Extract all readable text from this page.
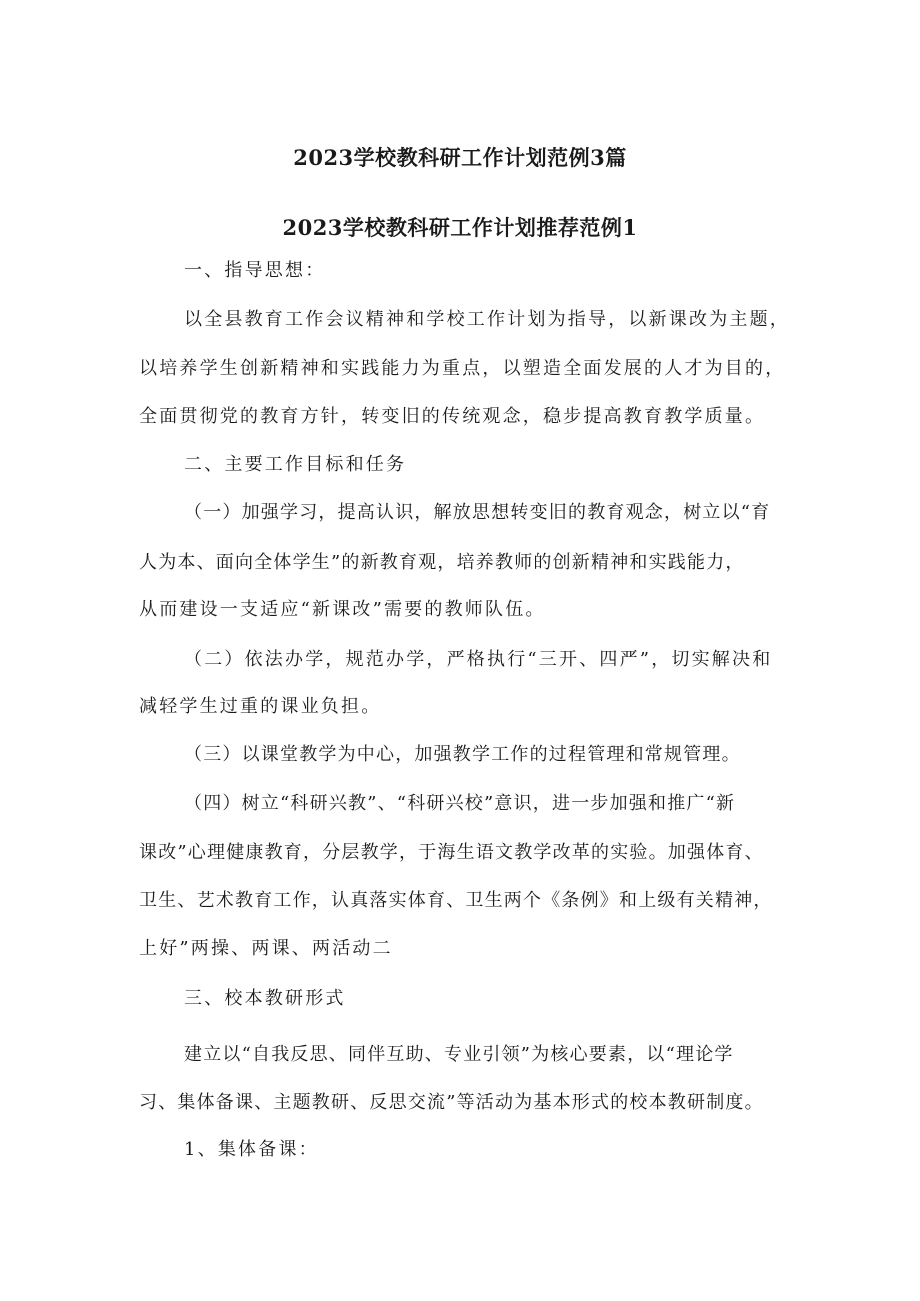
2023学校教科研工作计划范例3篇
2023学校教科研工作计划推荐范例1
一、指导思想：
以全县教育工作会议精神和学校工作计划为指导，以新课改为主题，
以培养学生创新精神和实践能力为重点，以塑造全面发展的人才为目的，
全面贯彻党的教育方针，转变旧的传统观念，稳步提高教育教学质量。
二、主要工作目标和任务
（一）加强学习，提高认识，解放思想转变旧的教育观念，树立以“育
人为本、面向全体学生”的新教育观，培养教师的创新精神和实践能力，
从而建设一支适应“新课改”需要的教师队伍。
（二）依法办学，规范办学，严格执行“三开、四严”，切实解决和
减轻学生过重的课业负担。
（三）以课堂教学为中心，加强教学工作的过程管理和常规管理。
（四）树立“科研兴教”、“科研兴校”意识，进一步加强和推广“新
课改”心理健康教育，分层教学，于海生语文教学改革的实验。加强体育、
卫生、艺术教育工作，认真落实体育、卫生两个《条例》和上级有关精神，
上好”两操、两课、两活动二
三、校本教研形式
建立以“自我反思、同伴互助、专业引领”为核心要素，以“理论学
习、集体备课、主题教研、反思交流”等活动为基本形式的校本教研制度。
1、集体备课：
